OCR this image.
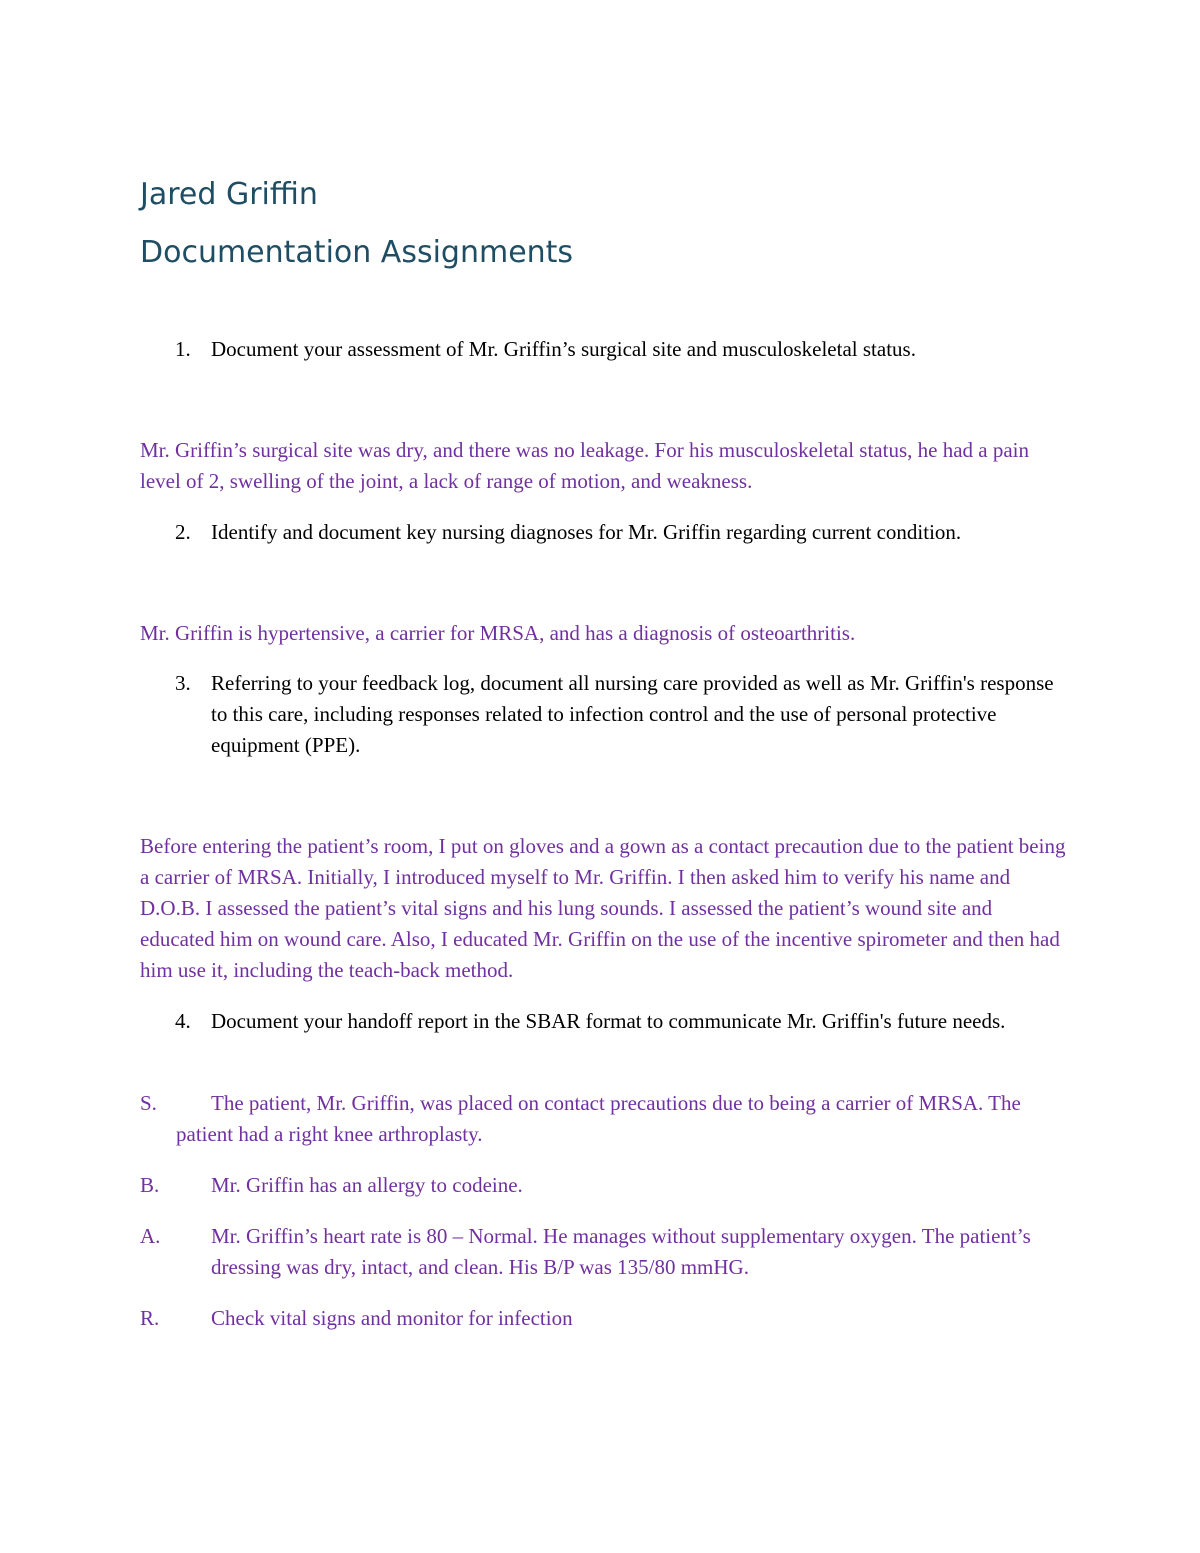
Jared Griffin
Documentation Assignments
1. Document your assessment of Mr. Griffin’s surgical site and musculoskeletal status.

Mr. Griffin’s surgical site was dry, and there was no leakage. For his musculoskeletal status, he had a pain level of 2, swelling of the joint, a lack of range of motion, and weakness.

2. Identify and document key nursing diagnoses for Mr. Griffin regarding current condition.

Mr. Griffin is hypertensive, a carrier for MRSA, and has a diagnosis of osteoarthritis.

3. Referring to your feedback log, document all nursing care provided as well as Mr. Griffin's response to this care, including responses related to infection control and the use of personal protective equipment (PPE).

Before entering the patient’s room, I put on gloves and a gown as a contact precaution due to the patient being a carrier of MRSA. Initially, I introduced myself to Mr. Griffin. I then asked him to verify his name and D.O.B. I assessed the patient’s vital signs and his lung sounds. I assessed the patient’s wound site and educated him on wound care. Also, I educated Mr. Griffin on the use of the incentive spirometer and then had him use it, including the teach-back method.

4. Document your handoff report in the SBAR format to communicate Mr. Griffin's future needs.
S.	The patient, Mr. Griffin, was placed on contact precautions due to being a carrier of MRSA. The patient had a right knee arthroplasty.
B. Mr. Griffin has an allergy to codeine.
A. Mr. Griffin’s heart rate is 80 – Normal. He manages without supplementary oxygen. The patient’s dressing was dry, intact, and clean. His B/P was 135/80 mmHG.
R. Check vital signs and monitor for infection
